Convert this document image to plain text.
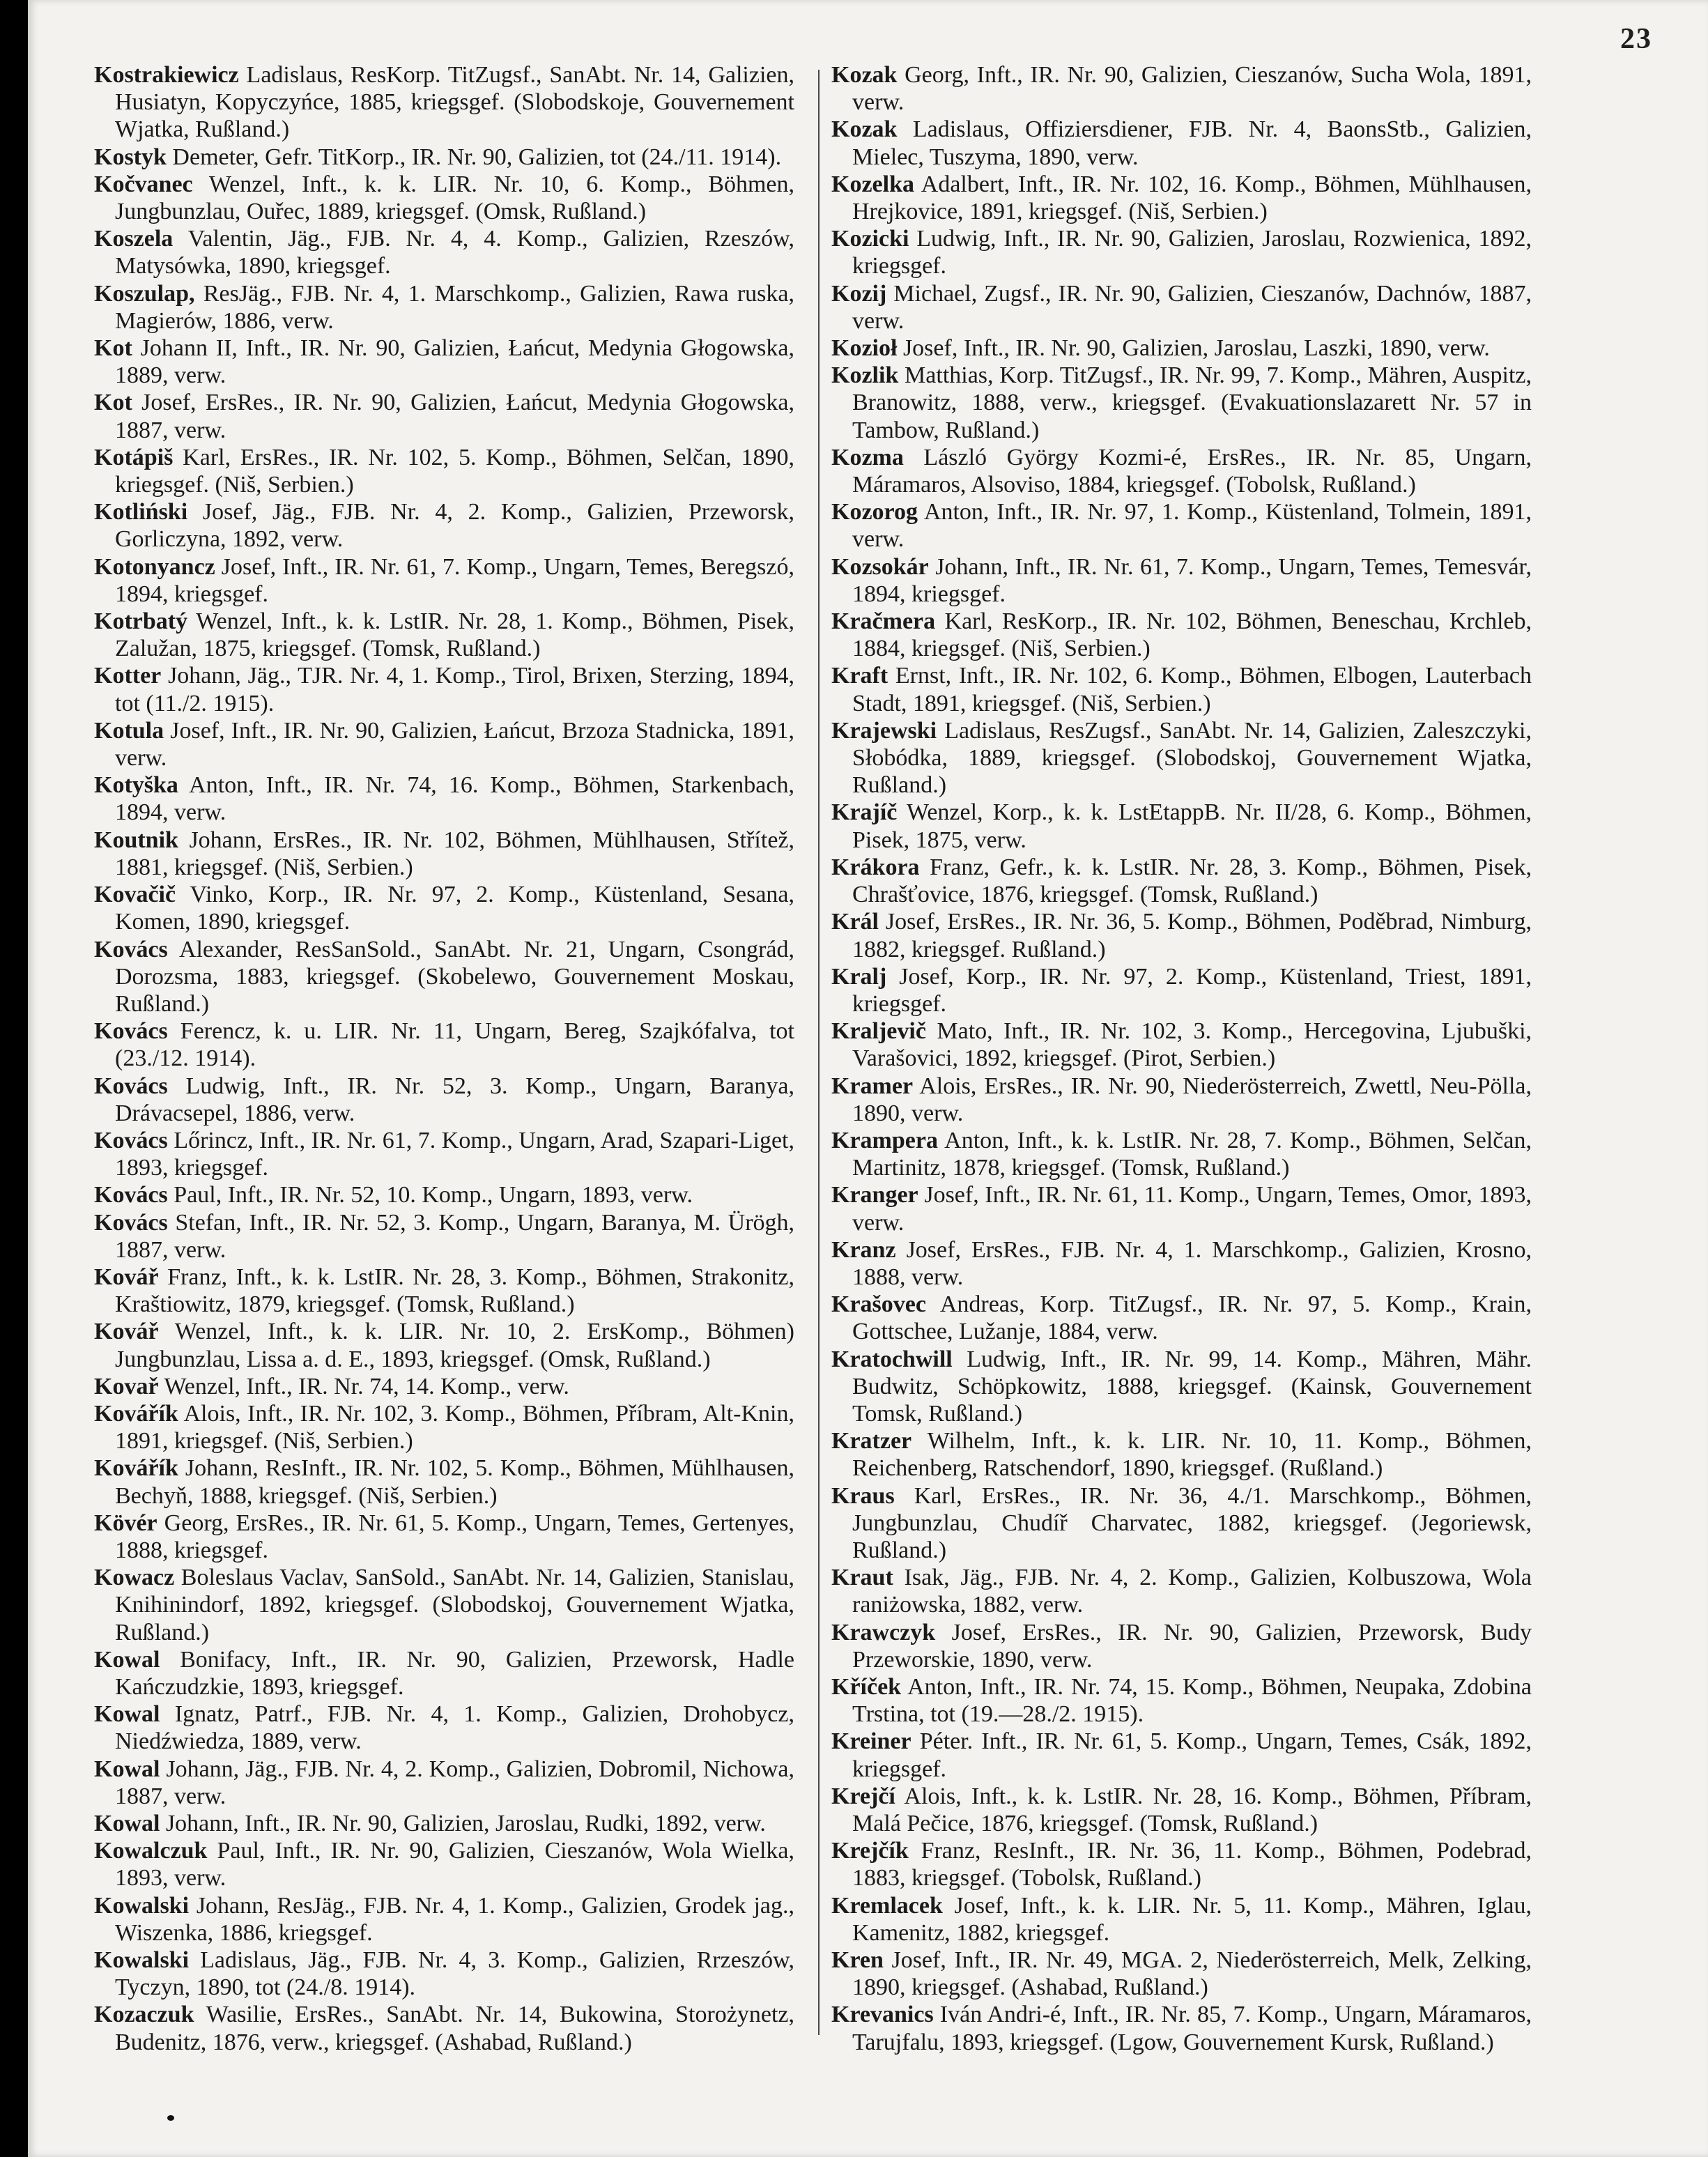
23

Kostrakiewicz Ladislaus, ResKorp. TitZugsf., SanAbt. Nr. 14, Galizien, Husiatyn, Kopyczyńce, 1885, kriegsgef. (Slobodskoje, Gouvernement Wjatka, Rußland.)

Kostyk Demeter, Gefr. TitKorp., IR. Nr. 90, Galizien, tot (24./11. 1914).

Kočvanec Wenzel, Inft., k. k. LIR. Nr. 10, 6. Komp., Böhmen, Jungbunzlau, Ouřec, 1889, kriegsgef. (Omsk, Rußland.)

Koszela Valentin, Jäg., FJB. Nr. 4, 4. Komp., Galizien, Rzeszów, Matysówka, 1890, kriegsgef.

Koszulap, ResJäg., FJB. Nr. 4, 1. Marschkomp., Galizien, Rawa ruska, Magierów, 1886, verw.

Kot Johann II, Inft., IR. Nr. 90, Galizien, Łańcut, Medynia Głogowska, 1889, verw.

Kot Josef, ErsRes., IR. Nr. 90, Galizien, Łańcut, Medynia Głogowska, 1887, verw.

Kotápiš Karl, ErsRes., IR. Nr. 102, 5. Komp., Böhmen, Selčan, 1890, kriegsgef. (Niš, Serbien.)

Kotliński Josef, Jäg., FJB. Nr. 4, 2. Komp., Galizien, Przeworsk, Gorliczyna, 1892, verw.

Kotonyancz Josef, Inft., IR. Nr. 61, 7. Komp., Ungarn, Temes, Beregszó, 1894, kriegsgef.

Kotrbatý Wenzel, Inft., k. k. LstIR. Nr. 28, 1. Komp., Böhmen, Pisek, Zalužan, 1875, kriegsgef. (Tomsk, Rußland.)

Kotter Johann, Jäg., TJR. Nr. 4, 1. Komp., Tirol, Brixen, Sterzing, 1894, tot (11./2. 1915).

Kotula Josef, Inft., IR. Nr. 90, Galizien, Łańcut, Brzoza Stadnicka, 1891, verw.

Kotyška Anton, Inft., IR. Nr. 74, 16. Komp., Böhmen, Starkenbach, 1894, verw.

Koutnik Johann, ErsRes., IR. Nr. 102, Böhmen, Mühlhausen, Střítež, 1881, kriegsgef. (Niš, Serbien.)

Kovačič Vinko, Korp., IR. Nr. 97, 2. Komp., Küstenland, Sesana, Komen, 1890, kriegsgef.

Kovács Alexander, ResSanSold., SanAbt. Nr. 21, Ungarn, Csongrád, Dorozsma, 1883, kriegsgef. (Skobelewo, Gouvernement Moskau, Rußland.)

Kovács Ferencz, k. u. LIR. Nr. 11, Ungarn, Bereg, Szajkófalva, tot (23./12. 1914).

Kovács Ludwig, Inft., IR. Nr. 52, 3. Komp., Ungarn, Baranya, Drávacsepel, 1886, verw.

Kovács Lőrincz, Inft., IR. Nr. 61, 7. Komp., Ungarn, Arad, Szapari-Liget, 1893, kriegsgef.

Kovács Paul, Inft., IR. Nr. 52, 10. Komp., Ungarn, 1893, verw.

Kovács Stefan, Inft., IR. Nr. 52, 3. Komp., Ungarn, Baranya, M. Ürögh, 1887, verw.

Kovář Franz, Inft., k. k. LstIR. Nr. 28, 3. Komp., Böhmen, Strakonitz, Kraštiowitz, 1879, kriegsgef. (Tomsk, Rußland.)

Kovář Wenzel, Inft., k. k. LIR. Nr. 10, 2. ErsKomp., Böhmen) Jungbunzlau, Lissa a. d. E., 1893, kriegsgef. (Omsk, Rußland.)

Kovař Wenzel, Inft., IR. Nr. 74, 14. Komp., verw.

Kovářík Alois, Inft., IR. Nr. 102, 3. Komp., Böhmen, Příbram, Alt-Knin, 1891, kriegsgef. (Niš, Serbien.)

Kovářík Johann, ResInft., IR. Nr. 102, 5. Komp., Böhmen, Mühlhausen, Bechyň, 1888, kriegsgef. (Niš, Serbien.)

Kövér Georg, ErsRes., IR. Nr. 61, 5. Komp., Ungarn, Temes, Gertenyes, 1888, kriegsgef.

Kowacz Boleslaus Vaclav, SanSold., SanAbt. Nr. 14, Galizien, Stanislau, Knihinindorf, 1892, kriegsgef. (Slobodskoj, Gouvernement Wjatka, Rußland.)

Kowal Bonifacy, Inft., IR. Nr. 90, Galizien, Przeworsk, Hadle Kańczudzkie, 1893, kriegsgef.

Kowal Ignatz, Patrf., FJB. Nr. 4, 1. Komp., Galizien, Drohobycz, Niedźwiedza, 1889, verw.

Kowal Johann, Jäg., FJB. Nr. 4, 2. Komp., Galizien, Dobromil, Nichowa, 1887, verw.

Kowal Johann, Inft., IR. Nr. 90, Galizien, Jaroslau, Rudki, 1892, verw.

Kowalczuk Paul, Inft., IR. Nr. 90, Galizien, Cieszanów, Wola Wielka, 1893, verw.

Kowalski Johann, ResJäg., FJB. Nr. 4, 1. Komp., Galizien, Grodek jag., Wiszenka, 1886, kriegsgef.

Kowalski Ladislaus, Jäg., FJB. Nr. 4, 3. Komp., Galizien, Rrzeszów, Tyczyn, 1890, tot (24./8. 1914).

Kozaczuk Wasilie, ErsRes., SanAbt. Nr. 14, Bukowina, Storożynetz, Budenitz, 1876, verw., kriegsgef. (Ashabad, Rußland.)

Kozak Georg, Inft., IR. Nr. 90, Galizien, Cieszanów, Sucha Wola, 1891, verw.

Kozak Ladislaus, Offiziersdiener, FJB. Nr. 4, BaonsStb., Galizien, Mielec, Tuszyma, 1890, verw.

Kozelka Adalbert, Inft., IR. Nr. 102, 16. Komp., Böhmen, Mühlhausen, Hrejkovice, 1891, kriegsgef. (Niš, Serbien.)

Kozicki Ludwig, Inft., IR. Nr. 90, Galizien, Jaroslau, Rozwienica, 1892, kriegsgef.

Kozij Michael, Zugsf., IR. Nr. 90, Galizien, Cieszanów, Dachnów, 1887, verw.

Kozioł Josef, Inft., IR. Nr. 90, Galizien, Jaroslau, Laszki, 1890, verw.

Kozlik Matthias, Korp. TitZugsf., IR. Nr. 99, 7. Komp., Mähren, Auspitz, Branowitz, 1888, verw., kriegsgef. (Evakuationslazarett Nr. 57 in Tambow, Rußland.)

Kozma László György Kozmi-é, ErsRes., IR. Nr. 85, Ungarn, Máramaros, Alsoviso, 1884, kriegsgef. (Tobolsk, Rußland.)

Kozorog Anton, Inft., IR. Nr. 97, 1. Komp., Küstenland, Tolmein, 1891, verw.

Kozsokár Johann, Inft., IR. Nr. 61, 7. Komp., Ungarn, Temes, Temesvár, 1894, kriegsgef.

Kračmera Karl, ResKorp., IR. Nr. 102, Böhmen, Beneschau, Krchleb, 1884, kriegsgef. (Niš, Serbien.)

Kraft Ernst, Inft., IR. Nr. 102, 6. Komp., Böhmen, Elbogen, Lauterbach Stadt, 1891, kriegsgef. (Niš, Serbien.)

Krajewski Ladislaus, ResZugsf., SanAbt. Nr. 14, Galizien, Zaleszczyki, Słobódka, 1889, kriegsgef. (Slobodskoj, Gouvernement Wjatka, Rußland.)

Krajíč Wenzel, Korp., k. k. LstEtappB. Nr. II/28, 6. Komp., Böhmen, Pisek, 1875, verw.

Krákora Franz, Gefr., k. k. LstIR. Nr. 28, 3. Komp., Böhmen, Pisek, Chrašťovice, 1876, kriegsgef. (Tomsk, Rußland.)

Král Josef, ErsRes., IR. Nr. 36, 5. Komp., Böhmen, Poděbrad, Nimburg, 1882, kriegsgef. Rußland.)

Kralj Josef, Korp., IR. Nr. 97, 2. Komp., Küstenland, Triest, 1891, kriegsgef.

Kraljevič Mato, Inft., IR. Nr. 102, 3. Komp., Hercegovina, Ljubuški, Varašovici, 1892, kriegsgef. (Pirot, Serbien.)

Kramer Alois, ErsRes., IR. Nr. 90, Niederösterreich, Zwettl, Neu-Pölla, 1890, verw.

Krampera Anton, Inft., k. k. LstIR. Nr. 28, 7. Komp., Böhmen, Selčan, Martinitz, 1878, kriegsgef. (Tomsk, Rußland.)

Kranger Josef, Inft., IR. Nr. 61, 11. Komp., Ungarn, Temes, Omor, 1893, verw.

Kranz Josef, ErsRes., FJB. Nr. 4, 1. Marschkomp., Galizien, Krosno, 1888, verw.

Krašovec Andreas, Korp. TitZugsf., IR. Nr. 97, 5. Komp., Krain, Gottschee, Lužanje, 1884, verw.

Kratochwill Ludwig, Inft., IR. Nr. 99, 14. Komp., Mähren, Mähr. Budwitz, Schöpkowitz, 1888, kriegsgef. (Kainsk, Gouvernement Tomsk, Rußland.)

Kratzer Wilhelm, Inft., k. k. LIR. Nr. 10, 11. Komp., Böhmen, Reichenberg, Ratschendorf, 1890, kriegsgef. (Rußland.)

Kraus Karl, ErsRes., IR. Nr. 36, 4./1. Marschkomp., Böhmen, Jungbunzlau, Chudíř Charvatec, 1882, kriegsgef. (Jegoriewsk, Rußland.)

Kraut Isak, Jäg., FJB. Nr. 4, 2. Komp., Galizien, Kolbuszowa, Wola raniżowska, 1882, verw.

Krawczyk Josef, ErsRes., IR. Nr. 90, Galizien, Przeworsk, Budy Przeworskie, 1890, verw.

Kříček Anton, Inft., IR. Nr. 74, 15. Komp., Böhmen, Neupaka, Zdobina Trstina, tot (19.—28./2. 1915).

Kreiner Péter. Inft., IR. Nr. 61, 5. Komp., Ungarn, Temes, Csák, 1892, kriegsgef.

Krejčí Alois, Inft., k. k. LstIR. Nr. 28, 16. Komp., Böhmen, Příbram, Malá Pečice, 1876, kriegsgef. (Tomsk, Rußland.)

Krejčík Franz, ResInft., IR. Nr. 36, 11. Komp., Böhmen, Podebrad, 1883, kriegsgef. (Tobolsk, Rußland.)

Kremlacek Josef, Inft., k. k. LIR. Nr. 5, 11. Komp., Mähren, Iglau, Kamenitz, 1882, kriegsgef.

Kren Josef, Inft., IR. Nr. 49, MGA. 2, Niederösterreich, Melk, Zelking, 1890, kriegsgef. (Ashabad, Rußland.)

Krevanics Iván Andri-é, Inft., IR. Nr. 85, 7. Komp., Ungarn, Máramaros, Tarujfalu, 1893, kriegsgef. (Lgow, Gouvernement Kursk, Rußland.)
